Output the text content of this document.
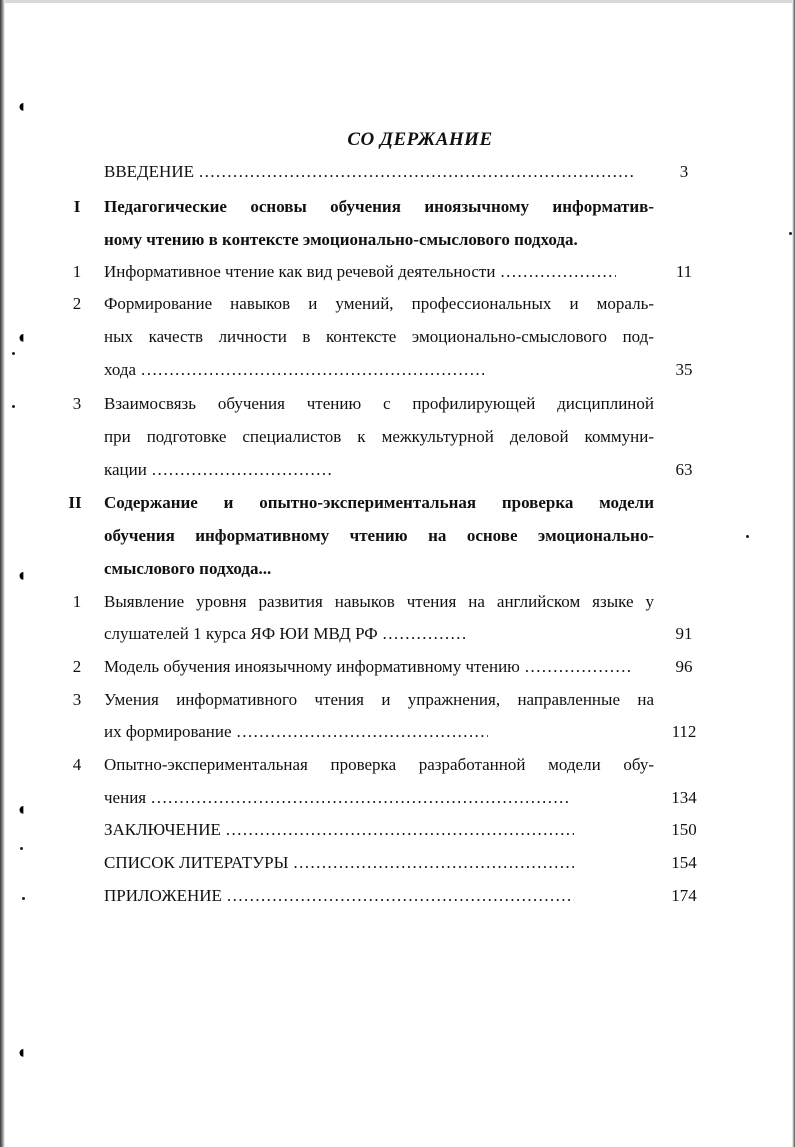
◖
◖
◖
◖
◖
СО ДЕРЖАНИЕ
ВВЕДЕНИЕ ……………………………………………………………………………………………………………	3
I	Педагогические основы обучения иноязычному информатив-
ному чтению в контексте эмоционально-смыслового подхода.
1	Информативное чтение как вид речевой деятельности ……………………………………………………………………………………………………………	11
2	Формирование навыков и умений, профессиональных и мораль-
ных качеств личности в контексте эмоционально-смыслового под-
хода ……………………………………………………………………………………………………………	35
3	Взаимосвязь обучения чтению с профилирующей дисциплиной
при подготовке специалистов к межкультурной деловой коммуни-
кации ……………………………………………………………………………………………………………	63
II	Содержание и опытно-экспериментальная проверка модели
обучения информативному чтению на основе эмоционально-
смыслового подхода...
1	Выявление уровня развития навыков чтения на английском языке у
слушателей 1 курса ЯФ ЮИ МВД РФ ……………………………………………………………………………………………………………	91
2	Модель обучения иноязычному информативному чтению ……………………………………………………………………………………………………………	96
3	Умения информативного чтения и упражнения, направленные на
их формирование ……………………………………………………………………………………………………………	112
4	Опытно-экспериментальная проверка разработанной модели обу-
чения ……………………………………………………………………………………………………………	134
ЗАКЛЮЧЕНИЕ ……………………………………………………………………………………………………………	150
СПИСОК ЛИТЕРАТУРЫ ……………………………………………………………………………………………………………	154
ПРИЛОЖЕНИЕ ……………………………………………………………………………………………………………	174
